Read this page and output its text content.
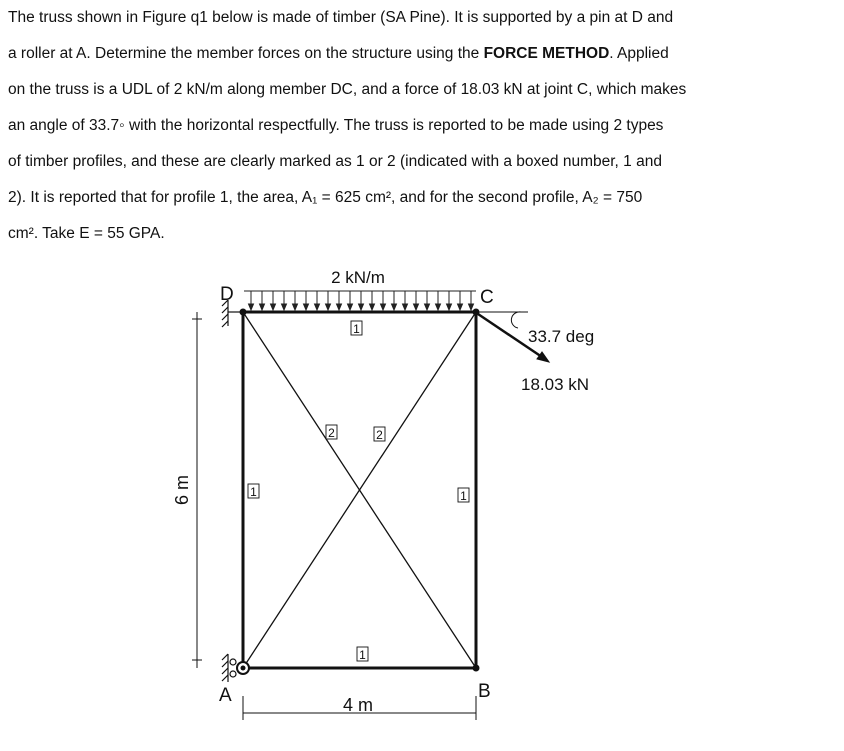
The truss shown in Figure q1 below is made of timber (SA Pine). It is supported by a pin at D and
a roller at A. Determine the member forces on the structure using the FORCE METHOD. Applied
on the truss is a UDL of 2 kN/m along member DC, and a force of 18.03 kN at joint C, which makes
an angle of 33.7◦ with the horizontal respectfully. The truss is reported to be made using 2 types
of timber profiles, and these are clearly marked as 1 or 2 (indicated with a boxed number, 1 and
2). It is reported that for profile 1, the area, A₁ = 625 cm², and for the second profile, A₂ = 750
cm². Take E = 55 GPA.
2 kN/m
D	C
B
A
33.7 deg
18.03 kN
6 m
4 m
1
1
1	1
2	2
